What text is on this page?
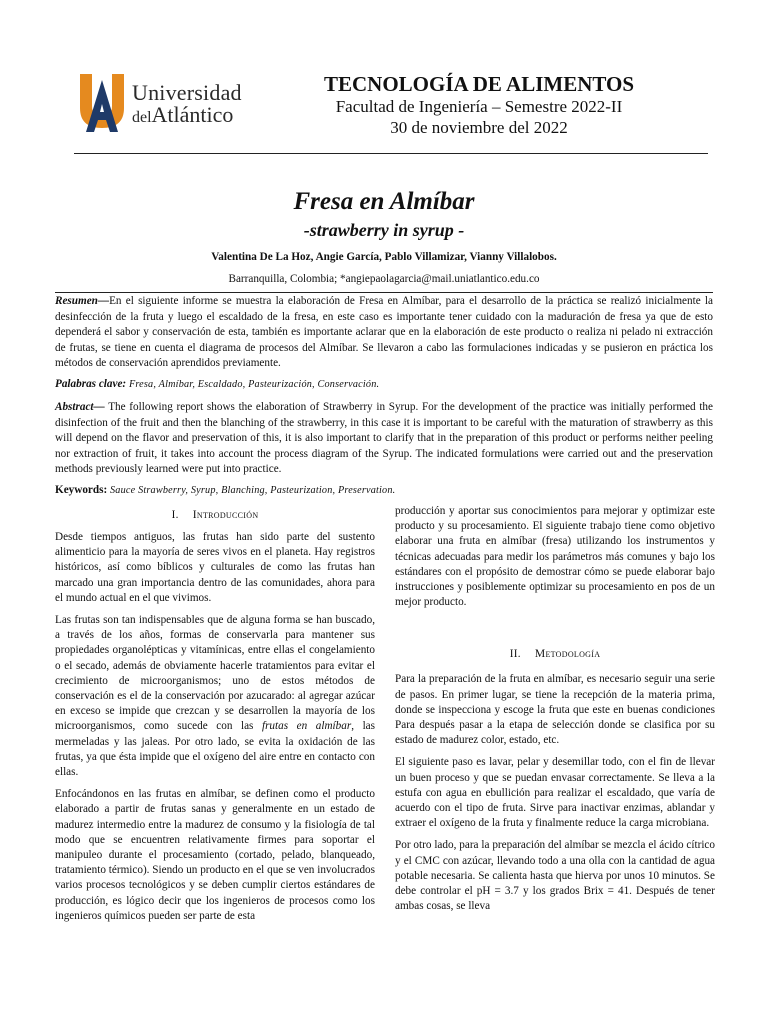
Universidad
delAtlántico
TECNOLOGÍA DE ALIMENTOS
Facultad de Ingeniería – Semestre 2022-II
30 de noviembre del 2022
Fresa en Almíbar
-strawberry in syrup -
Valentina De La Hoz, Angie García, Pablo Villamizar, Vianny Villalobos.
Barranquilla, Colombia; *angiepaolagarcia@mail.uniatlantico.edu.co
Resumen—En el siguiente informe se muestra la elaboración de Fresa en Almíbar, para el desarrollo de la práctica se realizó inicialmente la desinfección de la fruta y luego el escaldado de la fresa, en este caso es importante tener cuidado con la maduración de fresa ya que de esto dependerá el sabor y conservación de esta, también es importante aclarar que en la elaboración de este producto o realiza ni pelado ni extracción de frutas, se tiene en cuenta el diagrama de procesos del Almíbar. Se llevaron a cabo las formulaciones indicadas y se pusieron en práctica los métodos de conservación aprendidos previamente.
Palabras clave: Fresa, Almíbar, Escaldado, Pasteurización, Conservación.
Abstract— The following report shows the elaboration of Strawberry in Syrup. For the development of the practice was initially performed the disinfection of the fruit and then the blanching of the strawberry, in this case it is important to be careful with the maturation of strawberry as this will depend on the flavor and preservation of this, it is also important to clarify that in the preparation of this product or performs neither peeling nor extraction of fruit, it takes into account the process diagram of the Syrup. The indicated formulations were carried out and the preservation methods previously learned were put into practice.
Keywords: Sauce Strawberry, Syrup, Blanching, Pasteurization, Preservation.
I. Introducción

Desde tiempos antiguos, las frutas han sido parte del sustento alimenticio para la mayoría de seres vivos en el planeta. Hay registros históricos, así como bíblicos y culturales de como las frutas han marcado una gran importancia dentro de las comunidades, ahora para el mundo actual en el que vivimos.

Las frutas son tan indispensables que de alguna forma se han buscado, a través de los años, formas de conservarla para mantener sus propiedades organolépticas y vitamínicas, entre ellas el congelamiento o el secado, además de obviamente hacerle tratamientos para evitar el crecimiento de microorganismos; uno de estos métodos de conservación es el de la conservación por azucarado: al agregar azúcar en exceso se impide que crezcan y se desarrollen la mayoría de los microorganismos, como sucede con las frutas en almíbar, las mermeladas y las jaleas. Por otro lado, se evita la oxidación de las frutas, ya que ésta impide que el oxígeno del aire entre en contacto con ellas.

Enfocándonos en las frutas en almíbar, se definen como el producto elaborado a partir de frutas sanas y generalmente en un estado de madurez intermedio entre la madurez de consumo y la fisiología de tal modo que se encuentren relativamente firmes para soportar el manipuleo durante el procesamiento (cortado, pelado, blanqueado, tratamiento térmico). Siendo un producto en el que se ven involucrados varios procesos tecnológicos y se deben cumplir ciertos estándares de producción, es lógico decir que los ingenieros de procesos como los ingenieros químicos pueden ser parte de esta

producción y aportar sus conocimientos para mejorar y optimizar este producto y su procesamiento. El siguiente trabajo tiene como objetivo elaborar una fruta en almíbar (fresa) utilizando los instrumentos y técnicas adecuadas para medir los parámetros más comunes y bajo los estándares con el propósito de demostrar cómo se puede elaborar bajo instrucciones y posiblemente optimizar su procesamiento en pos de un mejor producto.

II. Metodología

Para la preparación de la fruta en almíbar, es necesario seguir una serie de pasos. En primer lugar, se tiene la recepción de la materia prima, donde se inspecciona y escoge la fruta que este en buenas condiciones Para después pasar a la etapa de selección donde se clasifica por su estado de madurez color, estado, etc.

El siguiente paso es lavar, pelar y desemillar todo, con el fin de llevar un buen proceso y que se puedan envasar correctamente. Se lleva a la estufa con agua en ebullición para realizar el escaldado, que varía de acuerdo con el tipo de fruta. Sirve para inactivar enzimas, ablandar y extraer el oxígeno de la fruta y finalmente reduce la carga microbiana.

Por otro lado, para la preparación del almíbar se mezcla el ácido cítrico y el CMC con azúcar, llevando todo a una olla con la cantidad de agua potable necesaria. Se calienta hasta que hierva por unos 10 minutos. Se debe controlar el pH = 3.7 y los grados Brix = 41. Después de tener ambas cosas, se lleva
